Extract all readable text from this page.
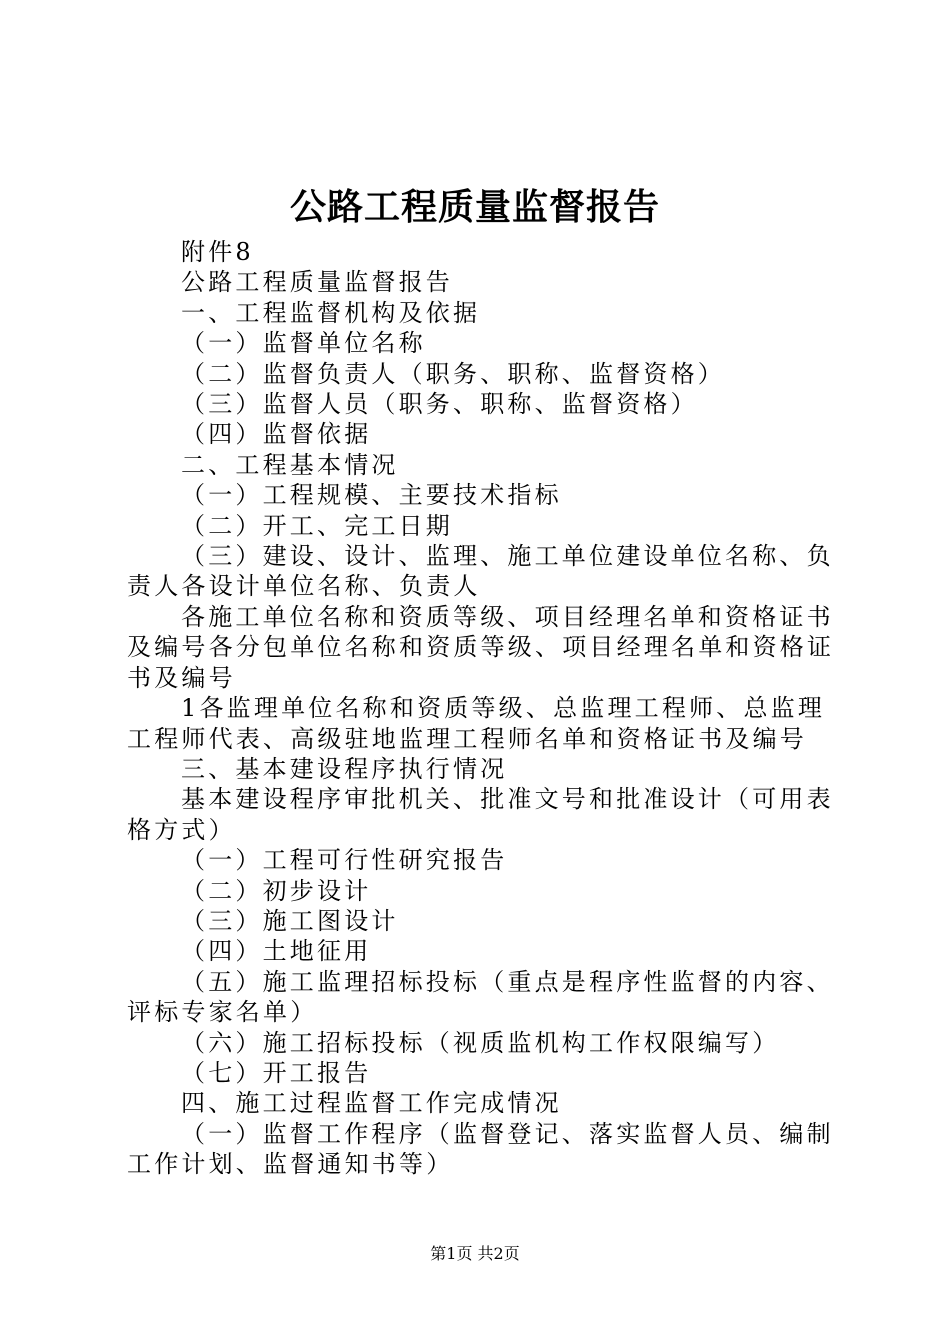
公路工程质量监督报告

附件8

公路工程质量监督报告

一、工程监督机构及依据

（一）监督单位名称

（二）监督负责人（职务、职称、监督资格）

（三）监督人员（职务、职称、监督资格）

（四）监督依据

二、工程基本情况

（一）工程规模、主要技术指标

（二）开工、完工日期

（三）建设、设计、监理、施工单位建设单位名称、负责人各设计单位名称、负责人

各施工单位名称和资质等级、项目经理名单和资格证书及编号各分包单位名称和资质等级、项目经理名单和资格证书及编号

1各监理单位名称和资质等级、总监理工程师、总监理工程师代表、高级驻地监理工程师名单和资格证书及编号

三、基本建设程序执行情况

基本建设程序审批机关、批准文号和批准设计（可用表格方式）

（一）工程可行性研究报告

（二）初步设计

（三）施工图设计

（四）土地征用

（五）施工监理招标投标（重点是程序性监督的内容、评标专家名单）

（六）施工招标投标（视质监机构工作权限编写）

（七）开工报告

四、施工过程监督工作完成情况

（一）监督工作程序（监督登记、落实监督人员、编制工作计划、监督通知书等）

第1页 共2页
